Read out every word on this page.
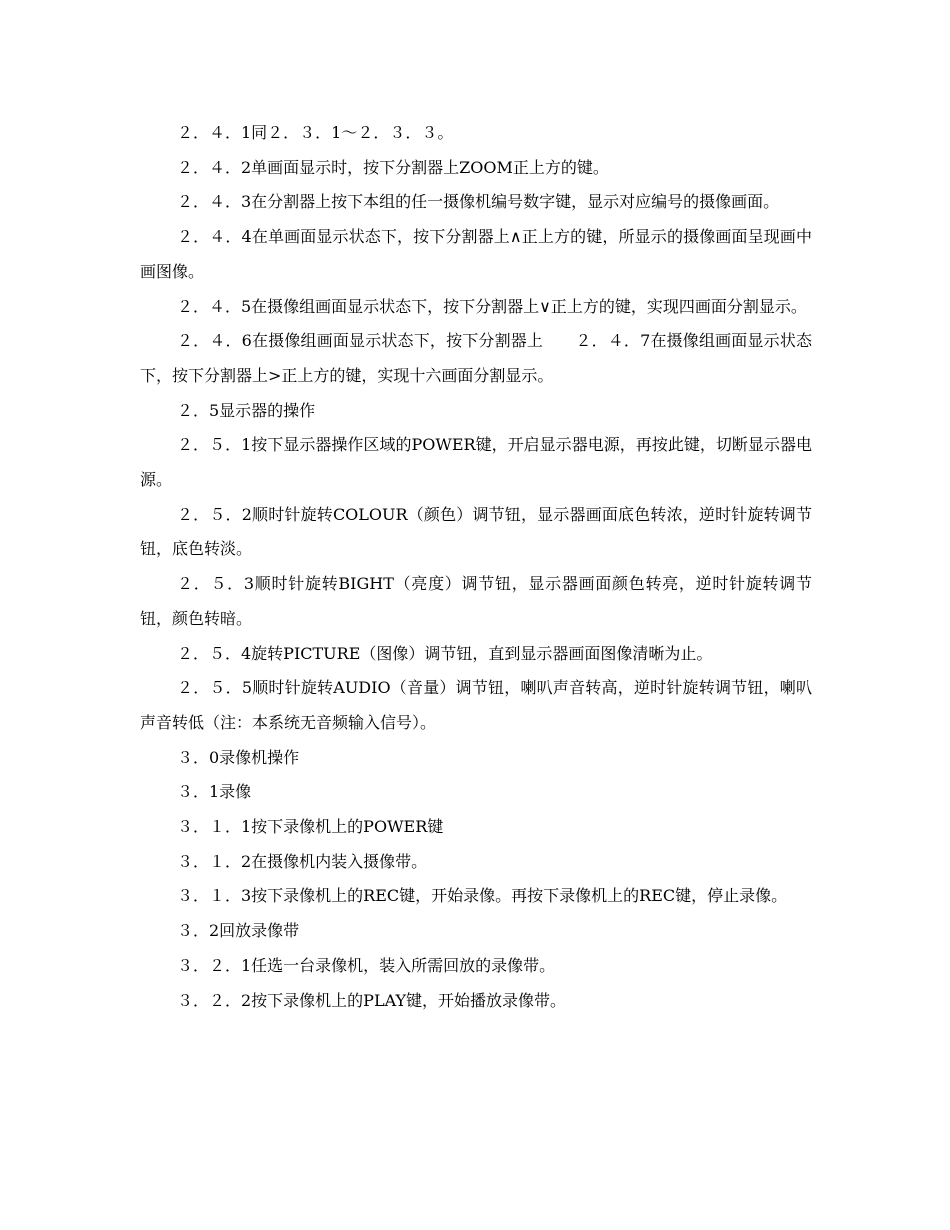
２．４．1同２．３．1～２．３．３。

２．４．2单画面显示时，按下分割器上ZOOM正上方的键。

２．４．3在分割器上按下本组的任一摄像机编号数字键，显示对应编号的摄像画面。

２．４．4在单画面显示状态下，按下分割器上∧正上方的键，所显示的摄像画面呈现画中画图像。

２．４．5在摄像组画面显示状态下，按下分割器上∨正上方的键，实现四画面分割显示。

２．４．6在摄像组画面显示状态下，按下分割器上　　２．４．7在摄像组画面显示状态下，按下分割器上>正上方的键，实现十六画面分割显示。

２．5显示器的操作

２．５．1按下显示器操作区域的POWER键，开启显示器电源，再按此键，切断显示器电源。

２．５．2顺时针旋转COLOUR（颜色）调节钮，显示器画面底色转浓，逆时针旋转调节钮，底色转淡。

２．５．3顺时针旋转BIGHT（亮度）调节钮，显示器画面颜色转亮，逆时针旋转调节钮，颜色转暗。

２．５．4旋转PICTURE（图像）调节钮，直到显示器画面图像清晰为止。

２．５．5顺时针旋转AUDIO（音量）调节钮，喇叭声音转高，逆时针旋转调节钮，喇叭声音转低（注：本系统无音频输入信号）。

３．0录像机操作

３．1录像

３．１．1按下录像机上的POWER键

３．１．2在摄像机内装入摄像带。

３．１．3按下录像机上的REC键，开始录像。再按下录像机上的REC键，停止录像。

３．2回放录像带

３．２．1任选一台录像机，装入所需回放的录像带。

３．２．2按下录像机上的PLAY键，开始播放录像带。
